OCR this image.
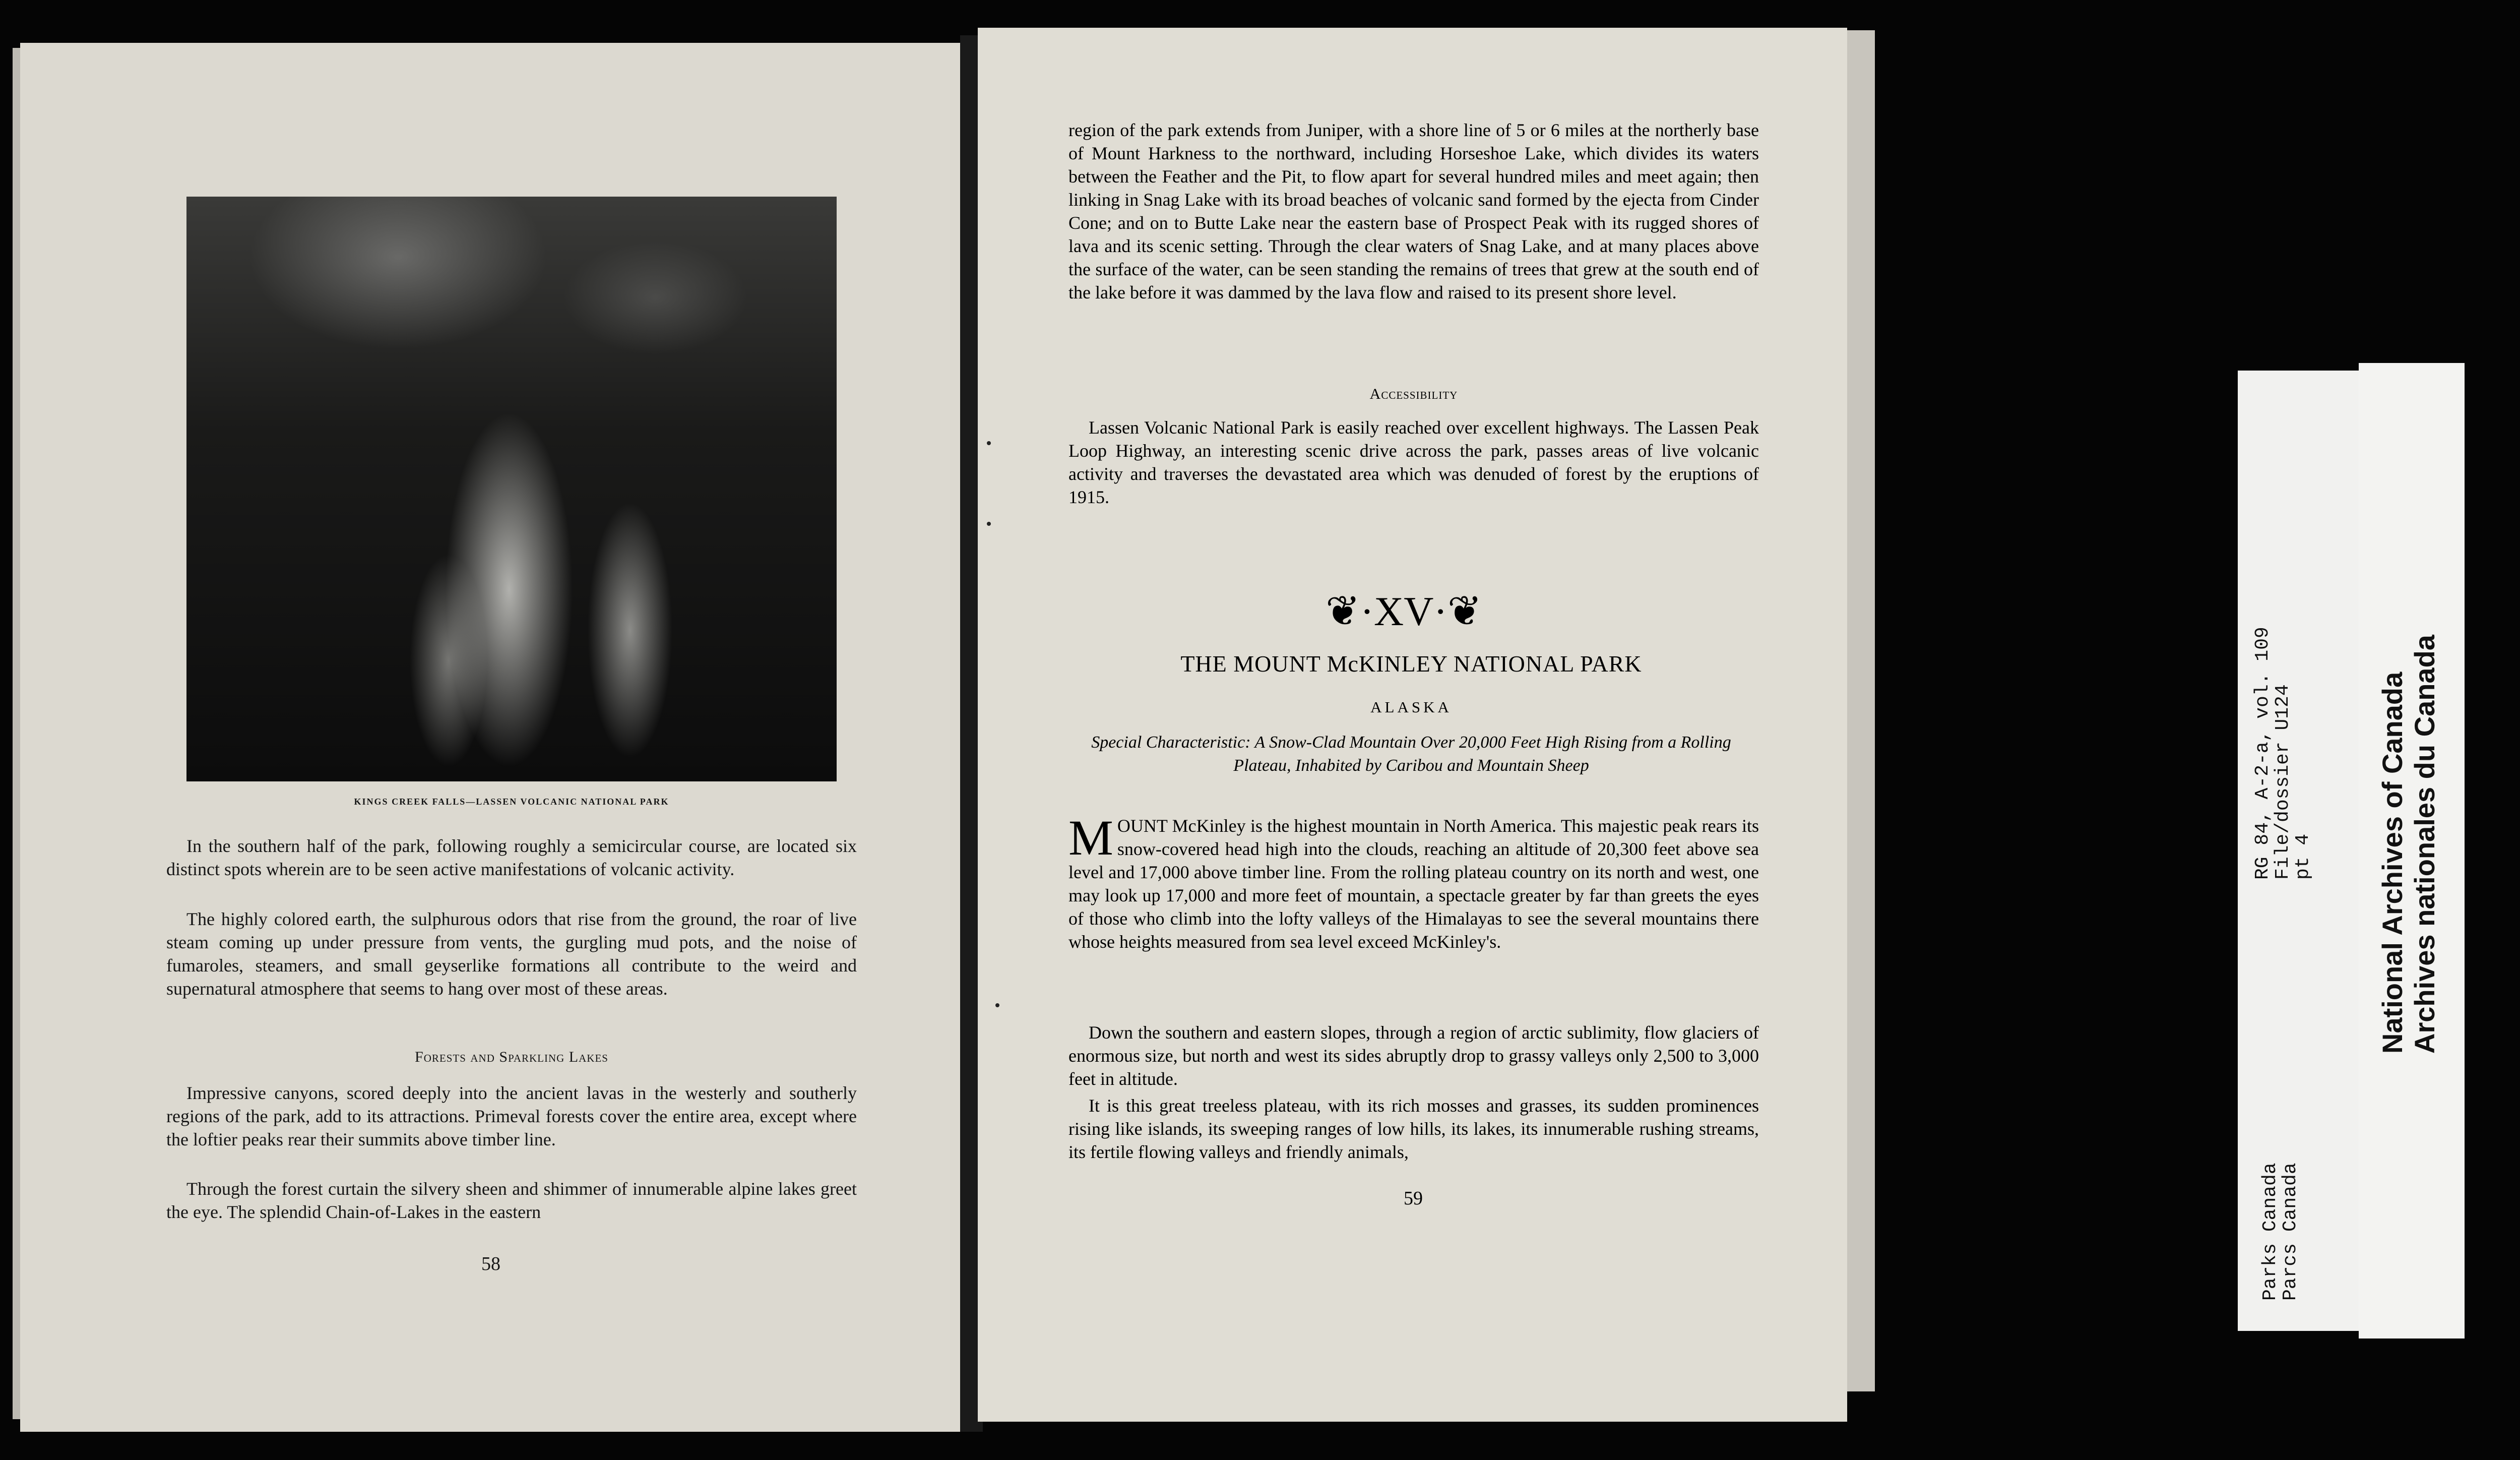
KINGS CREEK FALLS—LASSEN VOLCANIC NATIONAL PARK

In the southern half of the park, following roughly a semicircular course, are located six distinct spots wherein are to be seen active manifestations of volcanic activity.

The highly colored earth, the sulphurous odors that rise from the ground, the roar of live steam coming up under pressure from vents, the gurgling mud pots, and the noise of fumaroles, steamers, and small geyserlike formations all contribute to the weird and supernatural atmosphere that seems to hang over most of these areas.

Forests and Sparkling Lakes

Impressive canyons, scored deeply into the ancient lavas in the westerly and southerly regions of the park, add to its attractions. Primeval forests cover the entire area, except where the loftier peaks rear their summits above timber line.

Through the forest curtain the silvery sheen and shimmer of innumerable alpine lakes greet the eye. The splendid Chain-of-Lakes in the eastern

58

region of the park extends from Juniper, with a shore line of 5 or 6 miles at the northerly base of Mount Harkness to the northward, including Horseshoe Lake, which divides its waters between the Feather and the Pit, to flow apart for several hundred miles and meet again; then linking in Snag Lake with its broad beaches of volcanic sand formed by the ejecta from Cinder Cone; and on to Butte Lake near the eastern base of Prospect Peak with its rugged shores of lava and its scenic setting. Through the clear waters of Snag Lake, and at many places above the surface of the water, can be seen standing the remains of trees that grew at the south end of the lake before it was dammed by the lava flow and raised to its present shore level.

Accessibility

Lassen Volcanic National Park is easily reached over excellent highways. The Lassen Peak Loop Highway, an interesting scenic drive across the park, passes areas of live volcanic activity and traverses the devastated area which was denuded of forest by the eruptions of 1915.

❦·XV·❦
THE MOUNT McKINLEY NATIONAL PARK
ALASKA
Special Characteristic: A Snow-Clad Mountain Over 20,000 Feet High Rising from a Rolling Plateau, Inhabited by Caribou and Mountain Sheep
MOUNT McKinley is the highest mountain in North America. This majestic peak rears its snow-covered head high into the clouds, reaching an altitude of 20,300 feet above sea level and 17,000 above timber line. From the rolling plateau country on its north and west, one may look up 17,000 and more feet of mountain, a spectacle greater by far than greets the eyes of those who climb into the lofty valleys of the Himalayas to see the several mountains there whose heights measured from sea level exceed McKinley's.

Down the southern and eastern slopes, through a region of arctic sublimity, flow glaciers of enormous size, but north and west its sides abruptly drop to grassy valleys only 2,500 to 3,000 feet in altitude.

It is this great treeless plateau, with its rich mosses and grasses, its sudden prominences rising like islands, its sweeping ranges of low hills, its lakes, its innumerable rushing streams, its fertile flowing valleys and friendly animals,

59
RG 84, A-2-a, vol. 109
File/dossier U124
pt 4
Parks Canada
Parcs Canada
National Archives of Canada Archives nationales du Canada
